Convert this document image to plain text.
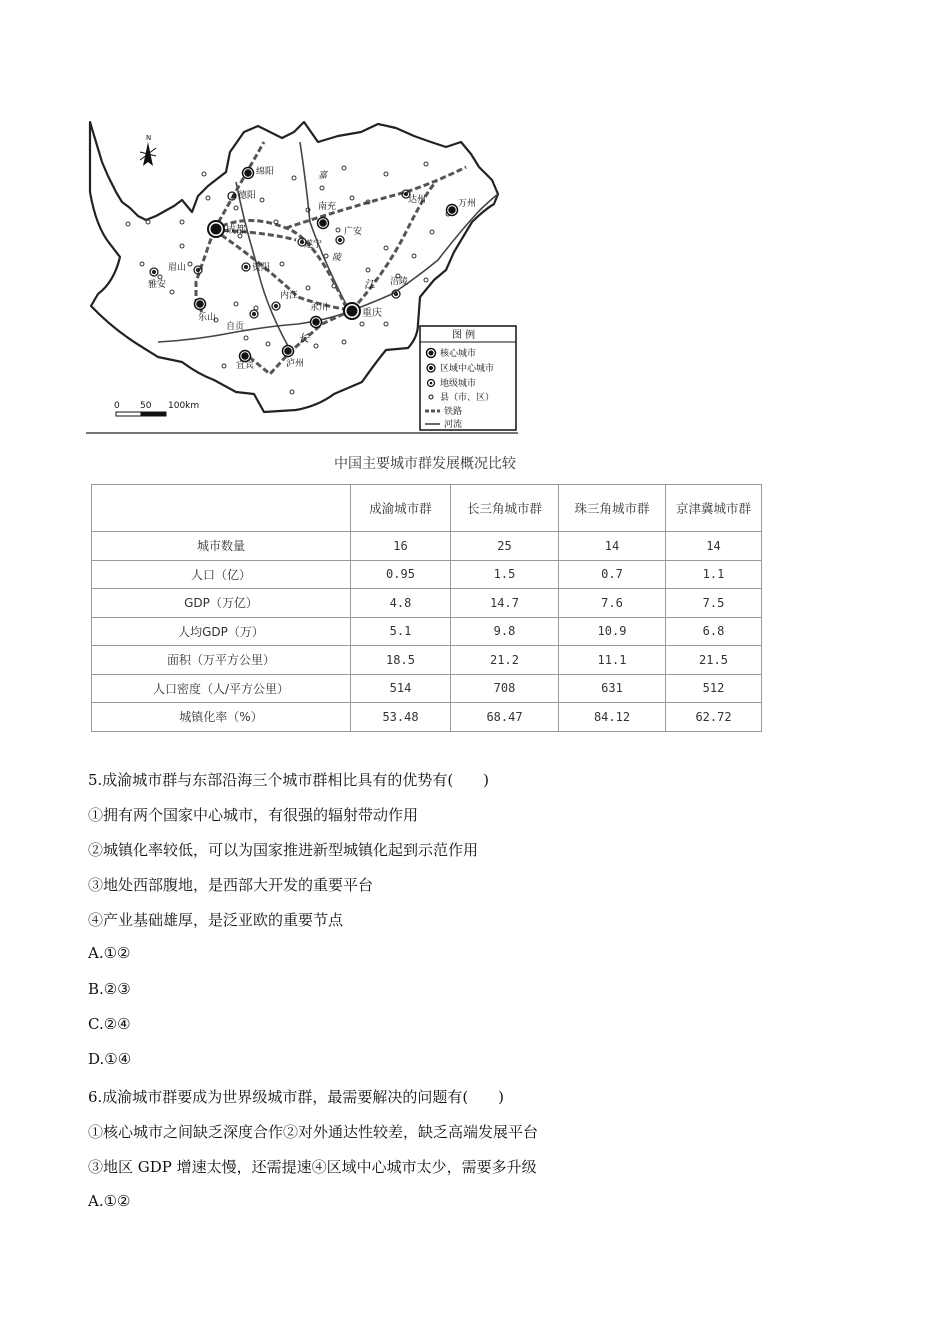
绵阳
德阳
成都
南充
达州	万州
遂宁
广安
眉山	资阳
雅安
内江
永川	重庆
涪陵
乐山
自贡
泸州
宜宾
长
江
嘉
陵
N
0 50 100km
图 例
核心城市
区域中心城市
地级城市
县（市、区）
铁路
河流
中国主要城市群发展概况比较
	成渝城市群	长三角城市群	珠三角城市群	京津冀城市群
城市数量	16	25	14	14
人口（亿）	0.95	1.5	0.7	1.1
GDP（万亿）	4.8	14.7	7.6	7.5
人均GDP（万）	5.1	9.8	10.9	6.8
面积（万平方公里）	18.5	21.2	11.1	21.5
人口密度（人/平方公里）	514	708	631	512
城镇化率（%）	53.48	68.47	84.12	62.72
5.成渝城市群与东部沿海三个城市群相比具有的优势有(　　)
①拥有两个国家中心城市，有很强的辐射带动作用
②城镇化率较低，可以为国家推进新型城镇化起到示范作用
③地处西部腹地，是西部大开发的重要平台
④产业基础雄厚，是泛亚欧的重要节点
A.①②
B.②③
C.②④
D.①④
6.成渝城市群要成为世界级城市群，最需要解决的问题有(　　)
①核心城市之间缺乏深度合作②对外通达性较差，缺乏高端发展平台
③地区 GDP 增速太慢，还需提速④区域中心城市太少，需要多升级
A.①②
